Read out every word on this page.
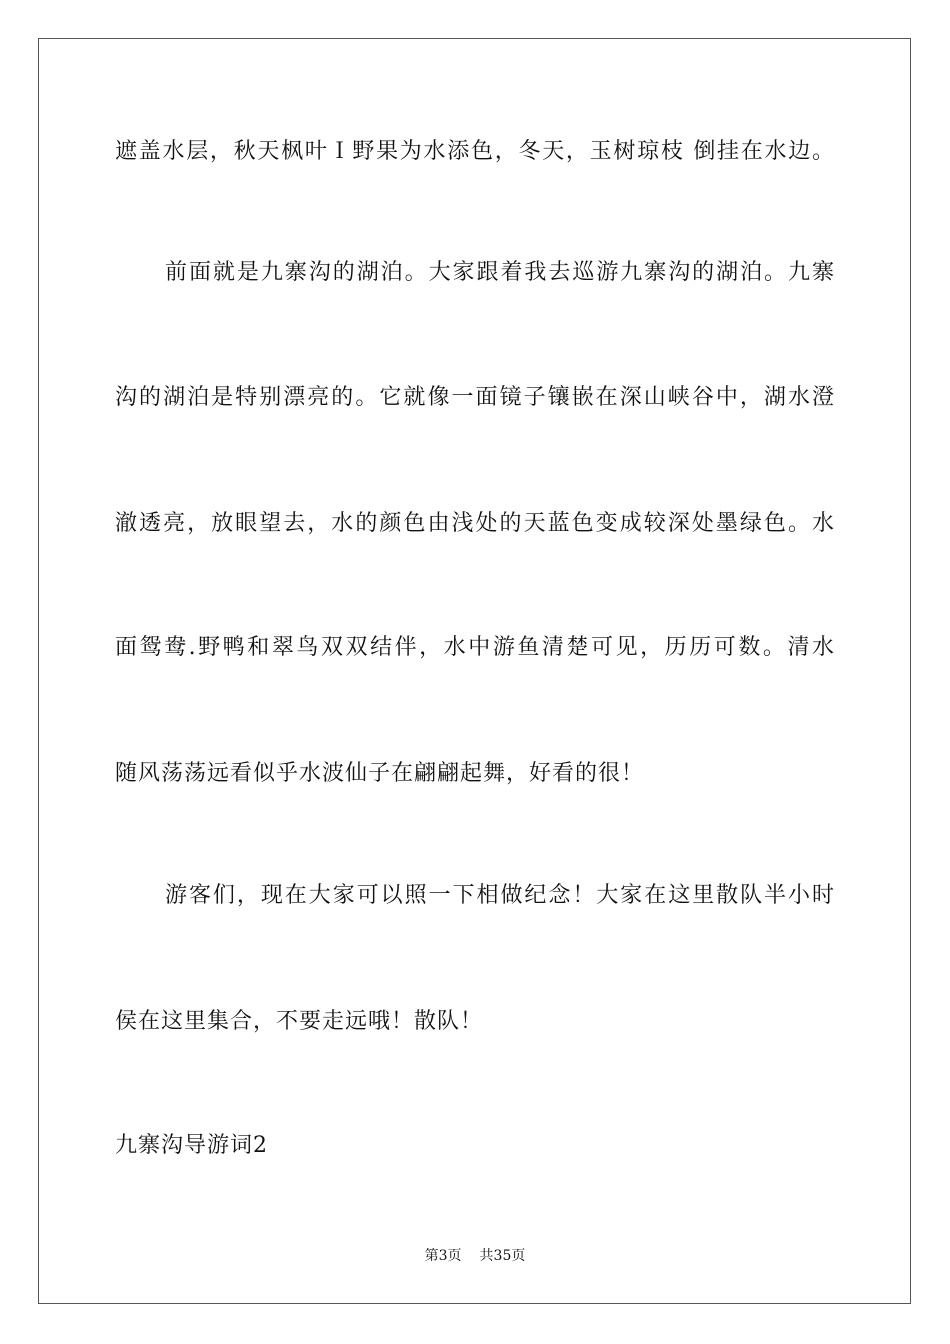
遮盖水层，秋天枫叶Ｉ野果为水添色，冬天，玉树琼枝 倒挂在水边。
前面就是九寨沟的湖泊。大家跟着我去巡游九寨沟的湖泊。九寨
沟的湖泊是特别漂亮的。它就像一面镜子镶嵌在深山峡谷中，湖水澄
澈透亮，放眼望去，水的颜色由浅处的天蓝色变成较深处墨绿色。水
面鸳鸯.野鸭和翠鸟双双结伴，水中游鱼清楚可见，历历可数。清水
随风荡荡远看似乎水波仙子在翩翩起舞，好看的很！
游客们，现在大家可以照一下相做纪念！大家在这里散队半小时
侯在这里集合，不要走远哦！散队！
九寨沟导游词2
第3页 共35页
